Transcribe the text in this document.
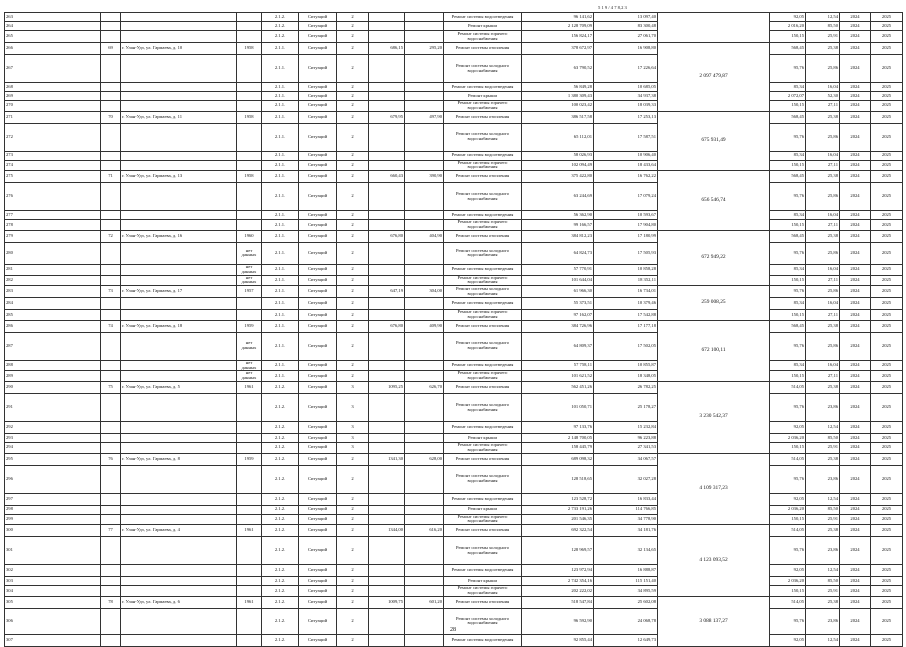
5 1 9 / 4 7 8,2 3
263				2.1.2.	Ситуаций	2			Ремонт системы водоотведения	96 141,62	13 097,40		92,05	12,54	2024	2025
264				2.1.2.	Ситуаций	2			Ремонт крыши	2 128 709,09	83 300,48		2 016,20	85,50	2024	2025
265				2.1.2.	Ситуаций	2			Ремонт системы горячего водоснабжения	156 824,17	27 061,70		150,15	25,91	2024	2025
266	69	г. Улан-Удэ, ул. Гармаева, д. 10	1958	2.1.1.	Ситуаций	2	686,15	295,20	Ремонт системы отопления	378 672,97	16 908,80	2 097 479,87	568,45	25,38	2024	2025
267				2.1.1.	Ситуаций	2			Ремонт системы холодного водоснабжения	63 790,52	17 226,64		95,76	25,86	2024	2025
268				2.1.1.	Ситуаций	2			Ремонт системы водоотведения	56 849,28	10 685,05		85,34	16,04	2024	2025
269				2.1.1.	Ситуаций	2			Ремонт крыши	1 380 309,43	34 937,38		2 072,07	52,30	2024	2025
270				2.1.1.	Ситуаций	2			Ремонт системы горячего водоснабжения	100 023,42	18 039,33		150,15	27,11	2024	2025
271	70	г. Улан-Удэ, ул. Гармаева, д. 11	1958	2.1.1.	Ситуаций	2	679,95	497,90	Ремонт системы отопления	386 517,58	17 253,13	675 931,49	568,45	25,38	2024	2025
272				2.1.1.	Ситуаций	2			Ремонт системы холодного водоснабжения	65 112,01	17 587,51		95,76	25,86	2024	2025
273				2.1.1.	Ситуаций	2			Ремонт системы водоотведения	58 026,93	10 906,40		85,34	16,04	2024	2025
274				2.1.1.	Ситуаций	2			Ремонт системы горячего водоснабжения	102 094,49	18 433,64		150,15	27,11	2024	2025
275	71	г. Улан-Удэ, ул. Гармаева, д. 13	1958	2.1.1.	Ситуаций	2	660,43	390,90	Ремонт системы отопления	375 422,80	16 762,22	656 546,74	568,45	25,38	2024	2025
276				2.1.1.	Ситуаций	2			Ремонт системы холодного водоснабжения	63 244,69	17 079,24		95,76	25,86	2024	2025
277				2.1.1.	Ситуаций	2			Ремонт системы водоотведения	56 362,90	10 593,67		85,34	16,04	2024	2025
278				2.1.1.	Ситуаций	2			Ремонт системы горячего водоснабжения	99 166,57	17 904,80		150,15	27,11	2024	2025
279	72	г. Улан-Удэ, ул. Гармаева, д. 16	1960	2.1.1.	Ситуаций	2	676,80	404,90	Ремонт системы отопления	384 812,23	17 180,99	672 949,22	568,45	25,38	2024	2025
280			нет данных	2.1.1.	Ситуаций	2			Ремонт системы холодного водоснабжения	64 824,73	17 505,93		95,76	25,86	2024	2025
281			нет данных	2.1.1.	Ситуаций	2			Ремонт системы водоотведения	57 770,91	10 858,28		85,34	16,04	2024	2025
282			нет данных	2.1.1.	Ситуаций	2			Ремонт системы горячего водоснабжения	101 644,04	18 352,11		150,15	27,11	2024	2025
283	73	г. Улан-Удэ, ул. Гармаева, д. 17	1957	2.1.1.	Ситуаций	2	647,19	304,00	Ремонт системы холодного водоснабжения	61 966,30	16 734,01	259 008,25	95,76	25,86	2024	2025
284				2.1.1.	Ситуаций	2			Ремонт системы водоотведения	55 373,51	10 379,46		85,34	16,04	2024	2025
285				2.1.1.	Ситуаций	2			Ремонт системы горячего водоснабжения	97 162,07	17 542,88		150,15	27,11	2024	2025
286	74	г. Улан-Удэ, ул. Гармаева, д. 18	1959	2.1.1.	Ситуаций	2	676,80	409,90	Ремонт системы отопления	384 726,96	17 177,18	672 100,11	568,45	25,38	2024	2025
287			нет данных	2.1.1.	Ситуаций	2			Ремонт системы холодного водоснабжения	64 809,37	17 502,05		95,76	25,86	2024	2025
288			нет данных	2.1.1.	Ситуаций	2			Ремонт системы водоотведения	57 758,11	10 855,87		85,34	16,04	2024	2025
289			нет данных	2.1.1.	Ситуаций	2			Ремонт системы горячего водоснабжения	101 621,52	18 348,05		150,15	27,11	2024	2025
290	75	г. Улан-Удэ, ул. Гармаева, д. 5	1961	2.1.2.	Ситуаций	3	1095,25	626,70	Ремонт системы отопления	562 451,26	26 782,25	3 230 542,37	514,05	25,38	2024	2025
291				2.1.2.	Ситуаций	3			Ремонт системы холодного водоснабжения	101 050,71	25 178,27		95,76	23,86	2024	2025
292				2.1.2.	Ситуаций	3			Ремонт системы водоотведения	97 133,76	15 232,84		92,05	12,54	2024	2025
293				2.1.2.	Ситуаций	3			Ремонт крыши	2 148 700,05	96 223,88		2 036,20	85,50	2024	2025
294				2.1.2.	Ситуаций	3			Ремонт системы горячего водоснабжения	158 445,79	27 341,53		150,15	25,91	2024	2025
295	76	г. Улан-Удэ, ул. Гармаева, д. 8	1959	2.1.2.	Ситуаций	2	1341,30	628,00	Ремонт системы отопления	689 098,32	34 067,57	4 109 317,23	514,05	25,38	2024	2025
296				2.1.2.	Ситуаций	2			Ремонт системы холодного водоснабжения	128 518,65	32 027,28		95,76	23,86	2024	2025
297				2.1.2.	Ситуаций	2			Ремонт системы водоотведения	123 528,72	16 833,44		92,05	12,54	2024	2025
298				2.1.2.	Ситуаций	2			Ремонт крыши	2 733 191,26	114 766,85		2 036,20	85,50	2024	2025
299				2.1.2.	Ситуаций	2			Ремонт системы горячего водоснабжения	201 546,35	34 778,90		150,15	25,91	2024	2025
300	77	г. Улан-Удэ, ул. Гармаева, д. 4	1961	2.1.2.	Ситуаций	2	1344,00	616,20	Ремонт системы отопления	692 322,54	34 181,76	4 123 093,52	514,05	25,38	2024	2025
301				2.1.2.	Ситуаций	2			Ремонт системы холодного водоснабжения	128 969,57	32 134,65		95,76	23,86	2024	2025
302				2.1.2.	Ситуаций	2			Ремонт системы водоотведения	123 972,94	16 888,87		92,05	12,54	2024	2025
303				2.1.2.	Ситуаций	2			Ремонт крыши	2 742 354,16	115 151,40		2 036,20	85,50	2024	2025
304				2.1.2.	Ситуаций	2			Ремонт системы горячего водоснабжения	202 222,02	34 895,59		150,15	25,91	2024	2025
305	78	г. Улан-Удэ, ул. Гармаева, д. 6	1961	2.1.2.	Ситуаций	2	1009,75	601,20	Ремонт системы отопления	518 547,84	25 602,08	3 088 137,27	514,05	25,38	2024	2025
306				2.1.2.	Ситуаций	2			Ремонт системы холодного водоснабжения	96 592,90	24 068,78		95,76	23,86	2024	2025
307				2.1.2.	Ситуаций	2			Ремонт системы водоотведения	92 855,44	12 649,73		92,05	12,54	2024	2025
28
